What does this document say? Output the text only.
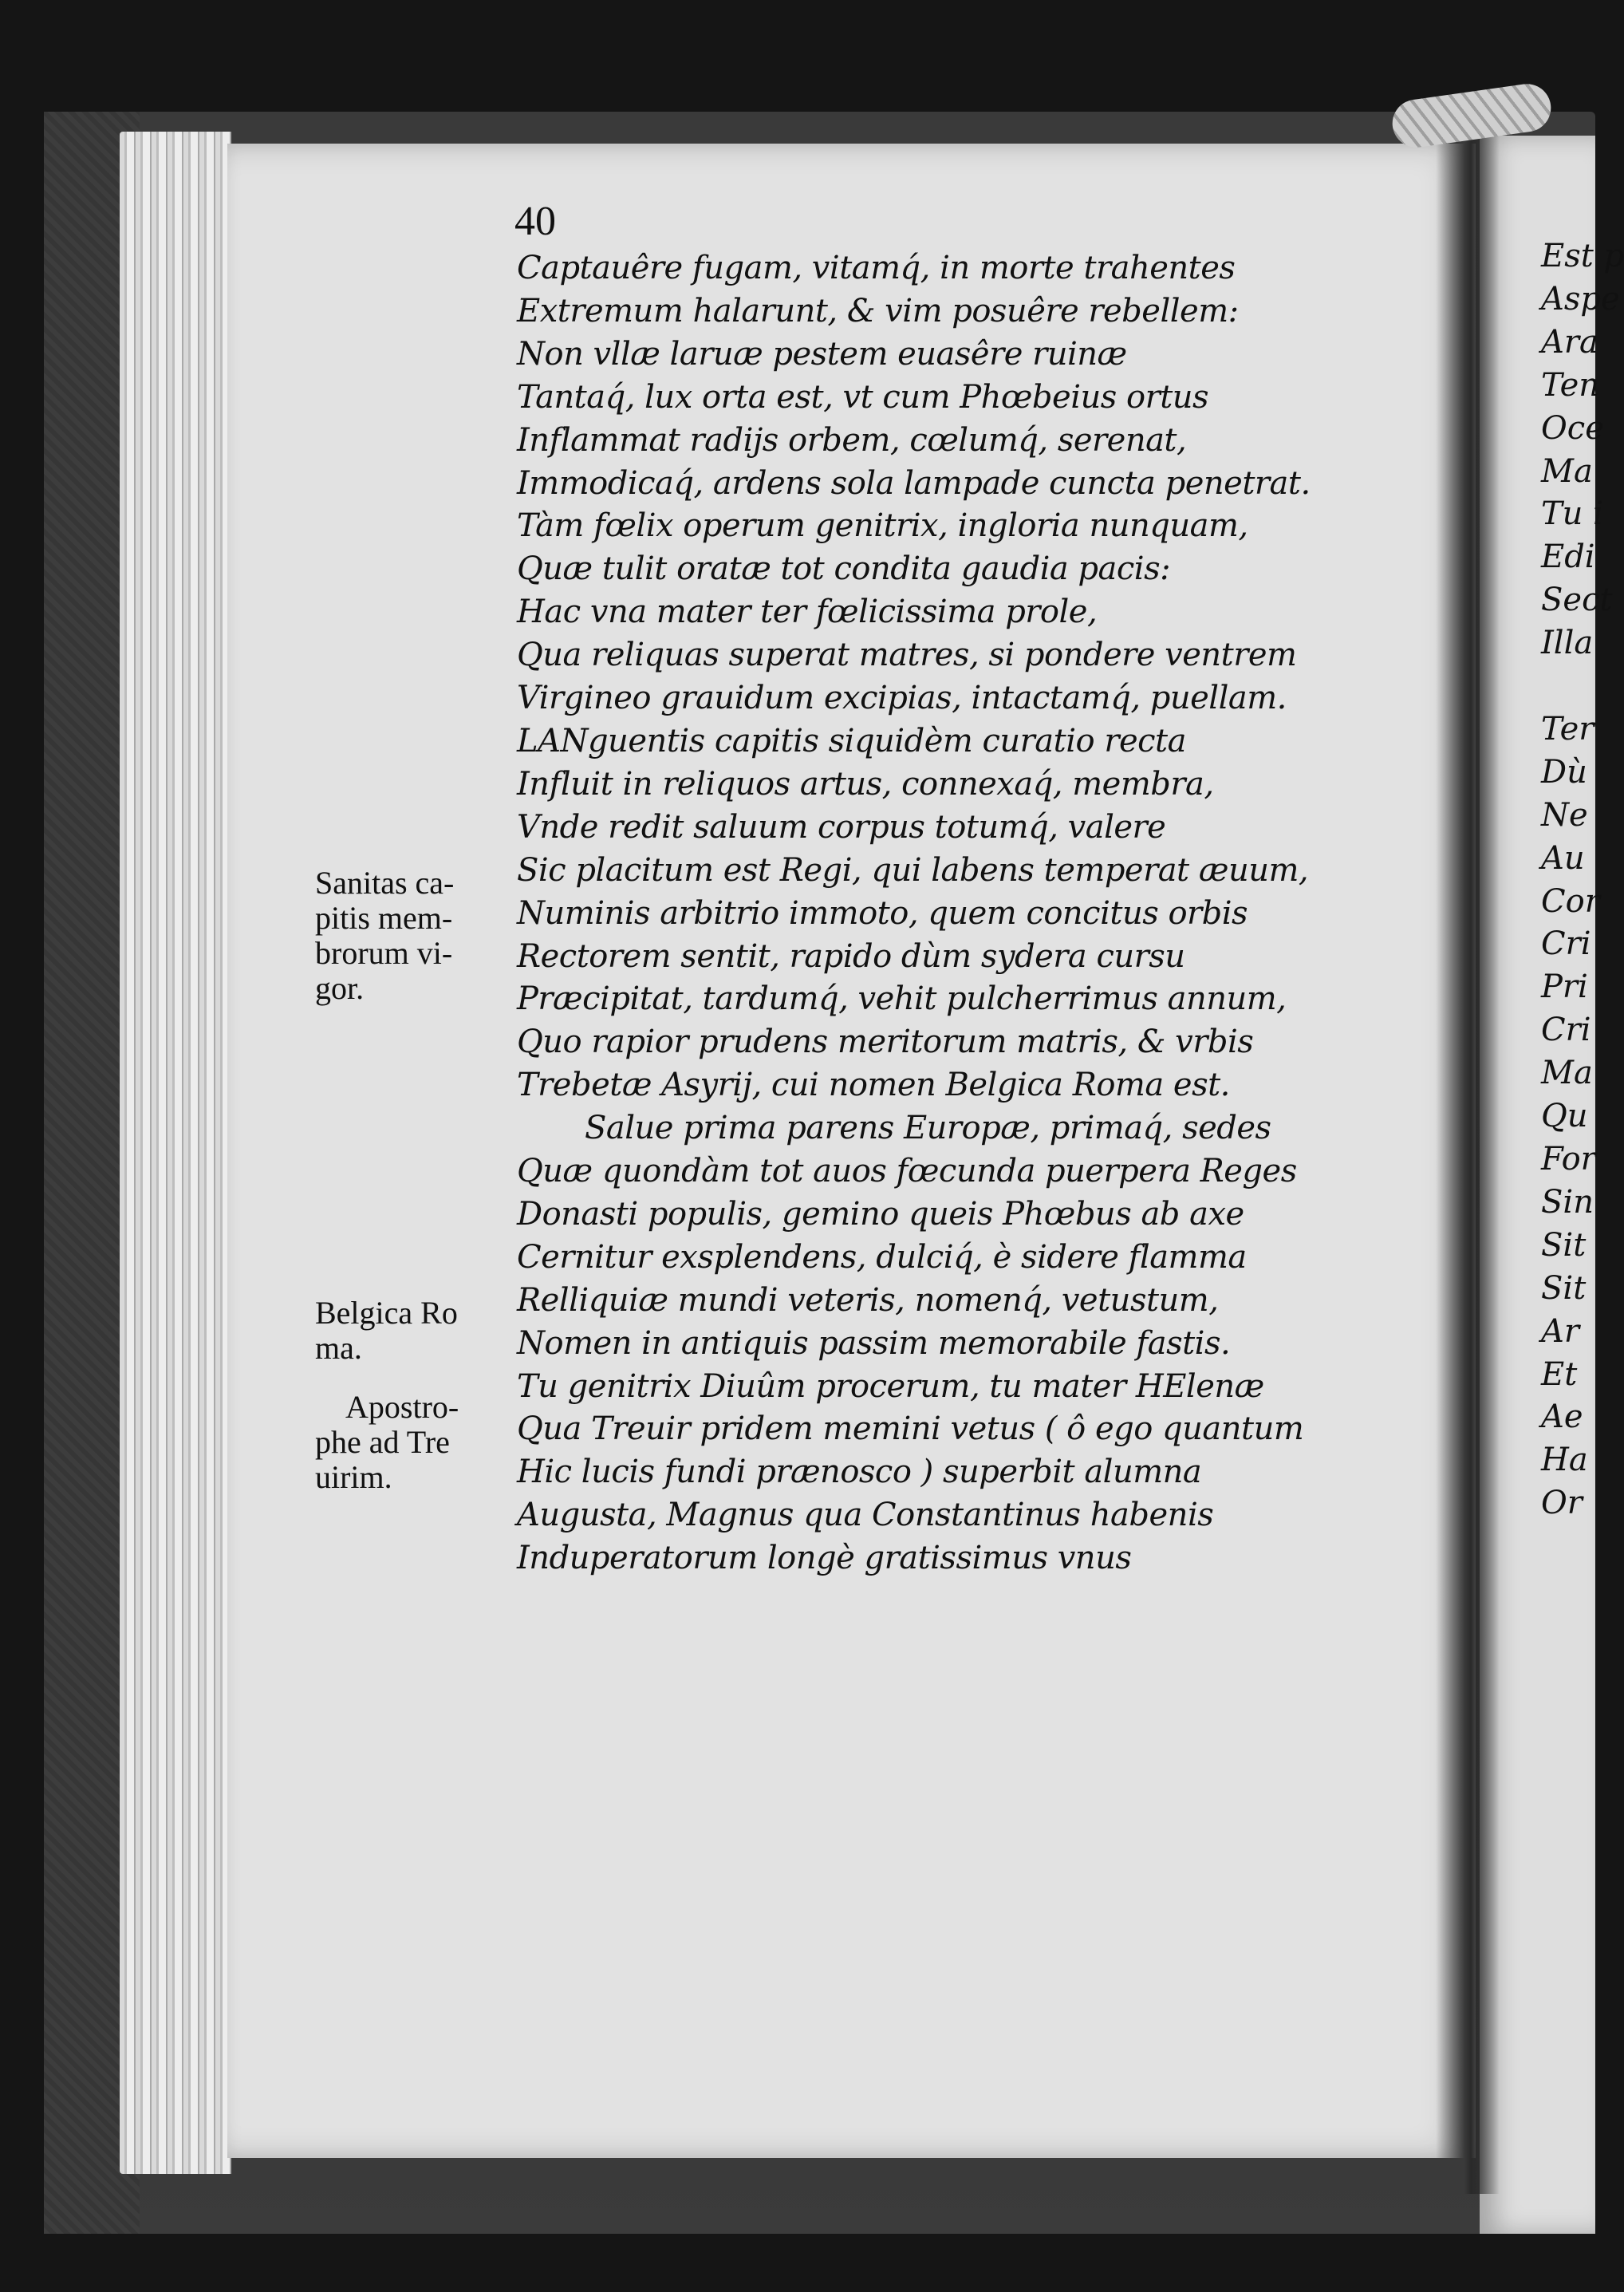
40
Captauêre fugam, vitamq́, in morte trahentes
Extremum halarunt, & vim posuêre rebellem:
Non vllæ laruæ pestem euasêre ruinæ
Tantaq́, lux orta est, vt cum Phœbeius ortus
Inflammat radijs orbem, cœlumq́, serenat,
Immodicaq́, ardens sola lampade cuncta penetrat.
Tàm fœlix operum genitrix, ingloria nunquam,
Quæ tulit oratæ tot condita gaudia pacis:
Hac vna mater ter fœlicissima prole,
Qua reliquas superat matres, si pondere ventrem
Virgineo grauidum excipias, intactamq́, puellam.
LANguentis capitis siquidèm curatio recta
Influit in reliquos artus, connexaq́, membra,
Vnde redit saluum corpus totumq́, valere
Sic placitum est Regi, qui labens temperat æuum,
Numinis arbitrio immoto, quem concitus orbis
Rectorem sentit, rapido dùm sydera cursu
Præcipitat, tardumq́, vehit pulcherrimus annum,
Quo rapior prudens meritorum matris, & vrbis
Trebetæ Asyrij, cui nomen Belgica Roma est.
Salue prima parens Europæ, primaq́, sedes
Quæ quondàm tot auos fœcunda puerpera Reges
Donasti populis, gemino queis Phœbus ab axe
Cernitur exsplendens, dulciq́, è sidere flamma
Relliquiæ mundi veteris, nomenq́, vetustum,
Nomen in antiquis passim memorabile fastis.
Tu genitrix Diuûm procerum, tu mater HElenæ
Qua Treuir pridem memini vetus ( ô ego quantum
Hic lucis fundi prænosco ) superbit alumna
Augusta, Magnus qua Constantinus habenis
Induperatorum longè gratissimus vnus

Sanitas ca-
pitis mem-
brorum vi-
gor.

Belgica Ro
ma.

Apostro-
phe ad Tre
uirim.

Est p
Aspe
Ara
Ten
Oce
Ma
Tu i
Edi
Sect
Illa
Ter
Dù
Ne
Au
Cor
Cri
Pri
Cri
Ma
Qu
For
Sin
Sit
Sit
Ar
Et
Ae
Ha
Or
